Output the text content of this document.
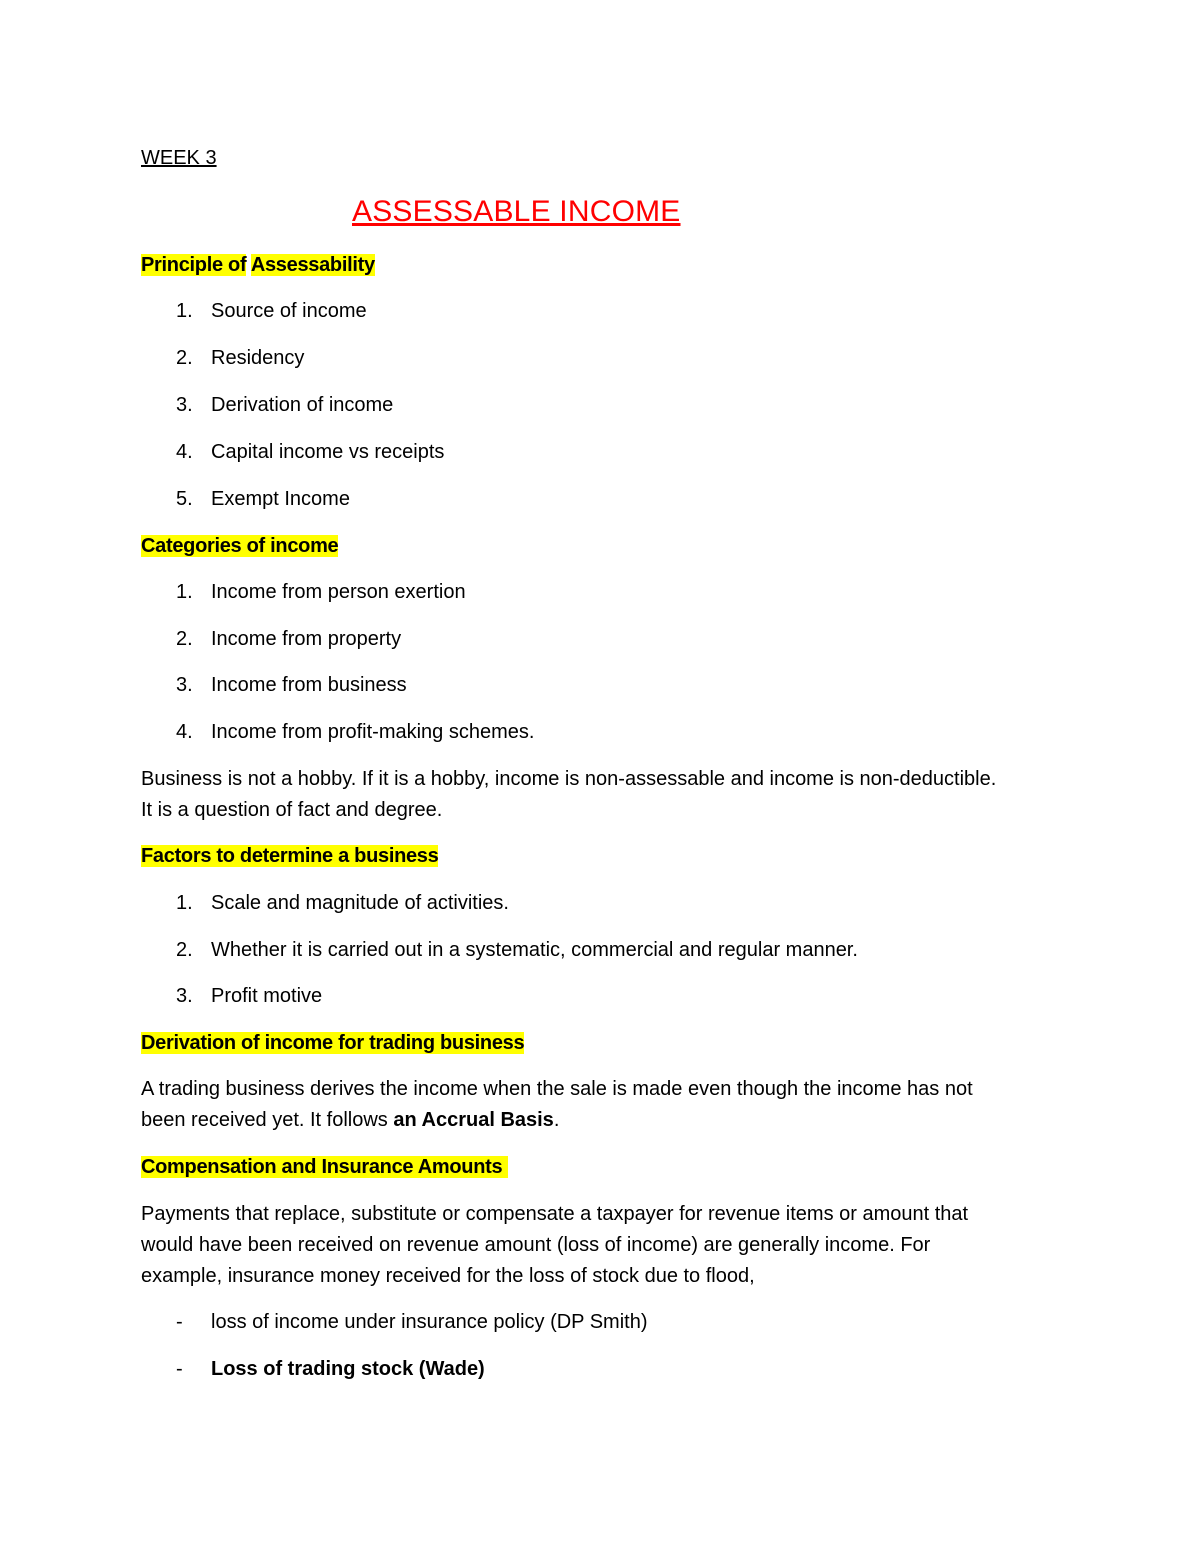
WEEK 3
ASSESSABLE INCOME
Principle of Assessability
1. Source of income
2. Residency
3. Derivation of income
4. Capital income vs receipts
5. Exempt Income
Categories of income
1. Income from person exertion
2. Income from property
3. Income from business
4. Income from profit-making schemes.
Business is not a hobby. If it is a hobby, income is non-assessable and income is non-deductible.
It is a question of fact and degree.
Factors to determine a business
1. Scale and magnitude of activities.
2. Whether it is carried out in a systematic, commercial and regular manner.
3. Profit motive
Derivation of income for trading business
A trading business derives the income when the sale is made even though the income has not
been received yet. It follows an Accrual Basis.
Compensation and Insurance Amounts
Payments that replace, substitute or compensate a taxpayer for revenue items or amount that
would have been received on revenue amount (loss of income) are generally income. For
example, insurance money received for the loss of stock due to flood,
- loss of income under insurance policy (DP Smith)
- Loss of trading stock (Wade)
